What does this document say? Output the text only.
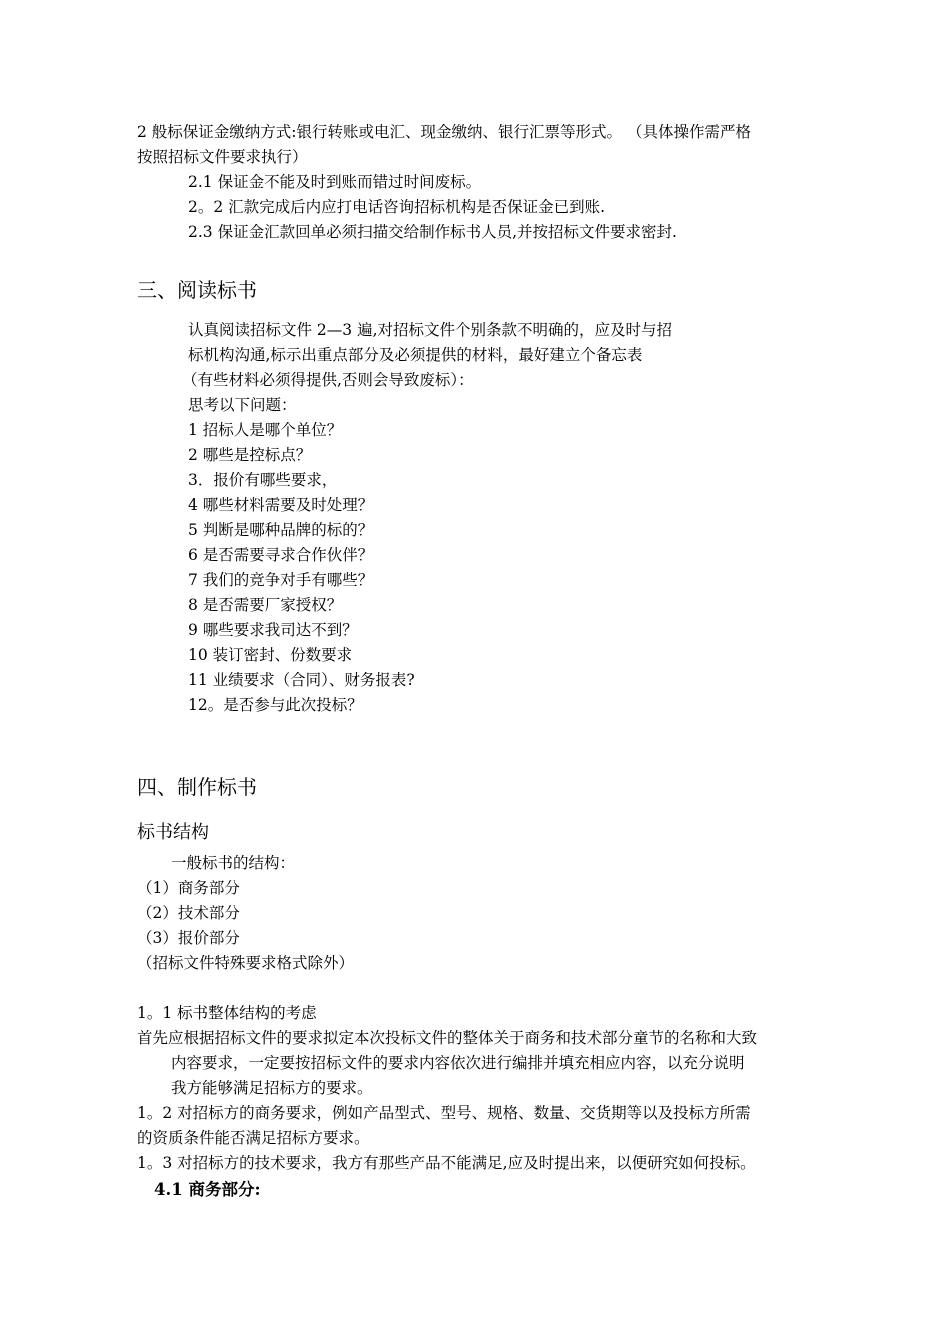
2 般标保证金缴纳方式:银行转账或电汇、现金缴纳、银行汇票等形式。 （具体操作需严格
按照招标文件要求执行）
2.1 保证金不能及时到账而错过时间废标。
2。2 汇款完成后内应打电话咨询招标机构是否保证金已到账.
2.3 保证金汇款回单必须扫描交给制作标书人员,并按招标文件要求密封.
三、阅读标书
认真阅读招标文件 2—3 遍,对招标文件个别条款不明确的，应及时与招
标机构沟通,标示出重点部分及必须提供的材料，最好建立个备忘表
（有些材料必须得提供,否则会导致废标）：
思考以下问题：
1 招标人是哪个单位？
2 哪些是控标点？
3．报价有哪些要求，
4 哪些材料需要及时处理？
5 判断是哪种品牌的标的？
6 是否需要寻求合作伙伴？
7 我们的竞争对手有哪些？
8 是否需要厂家授权？
9 哪些要求我司达不到？
10 装订密封、份数要求
11 业绩要求（合同）、财务报表?
12。是否参与此次投标？
四、制作标书
标书结构
一般标书的结构：
（1）商务部分
（2）技术部分
（3）报价部分
（招标文件特殊要求格式除外）
1。1 标书整体结构的考虑
首先应根据招标文件的要求拟定本次投标文件的整体关于商务和技术部分童节的名称和大致
内容要求，一定要按招标文件的要求内容依次进行编排并填充相应内容，以充分说明
我方能够满足招标方的要求。
1。2 对招标方的商务要求，例如产品型式、型号、规格、数量、交货期等以及投标方所需
的资质条件能否满足招标方要求。
1。3 对招标方的技术要求，我方有那些产品不能满足,应及时提出来，以便研究如何投标。
4.1 商务部分:
